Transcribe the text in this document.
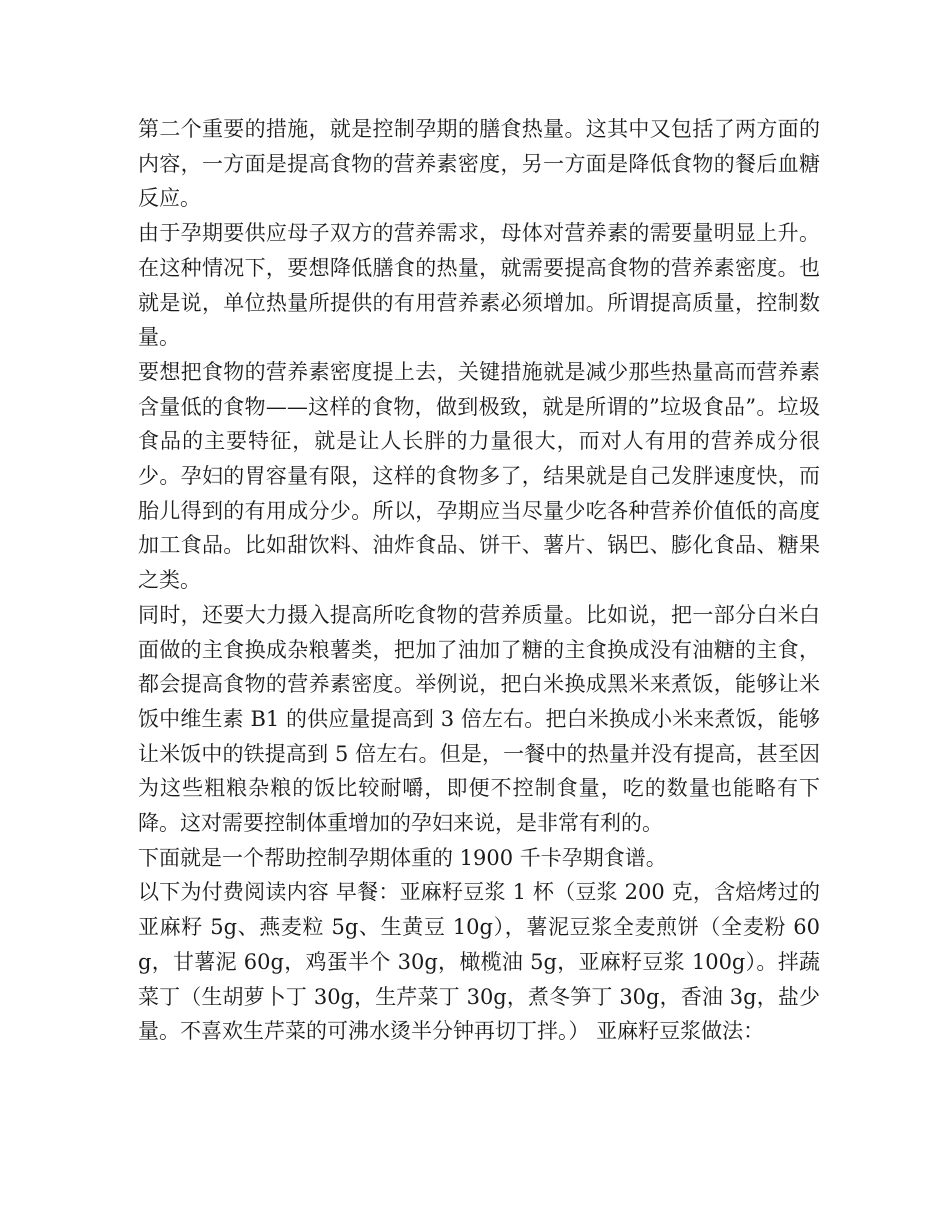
第二个重要的措施，就是控制孕期的膳食热量。这其中又包括了两方面的内容，一方面是提高食物的营养素密度，另一方面是降低食物的餐后血糖反应。

由于孕期要供应母子双方的营养需求，母体对营养素的需要量明显上升。在这种情况下，要想降低膳食的热量，就需要提高食物的营养素密度。也就是说，单位热量所提供的有用营养素必须增加。所谓提高质量，控制数量。

要想把食物的营养素密度提上去，关键措施就是减少那些热量高而营养素含量低的食物——这样的食物，做到极致，就是所谓的”垃圾食品”。垃圾食品的主要特征，就是让人长胖的力量很大，而对人有用的营养成分很少。孕妇的胃容量有限，这样的食物多了，结果就是自己发胖速度快，而胎儿得到的有用成分少。所以，孕期应当尽量少吃各种营养价值低的高度加工食品。比如甜饮料、油炸食品、饼干、薯片、锅巴、膨化食品、糖果之类。

同时，还要大力摄入提高所吃食物的营养质量。比如说，把一部分白米白面做的主食换成杂粮薯类，把加了油加了糖的主食换成没有油糖的主食，都会提高食物的营养素密度。举例说，把白米换成黑米来煮饭，能够让米饭中维生素 B1 的供应量提高到 3 倍左右。把白米换成小米来煮饭，能够让米饭中的铁提高到 5 倍左右。但是，一餐中的热量并没有提高，甚至因为这些粗粮杂粮的饭比较耐嚼，即便不控制食量，吃的数量也能略有下降。这对需要控制体重增加的孕妇来说，是非常有利的。

下面就是一个帮助控制孕期体重的 1900 千卡孕期食谱。

以下为付费阅读内容 早餐：亚麻籽豆浆 1 杯（豆浆 200 克，含焙烤过的亚麻籽 5g、燕麦粒 5g、生黄豆 10g），薯泥豆浆全麦煎饼（全麦粉 60g，甘薯泥 60g，鸡蛋半个 30g，橄榄油 5g，亚麻籽豆浆 100g）。拌蔬菜丁（生胡萝卜丁 30g，生芹菜丁 30g，煮冬笋丁 30g，香油 3g，盐少量。不喜欢生芹菜的可沸水烫半分钟再切丁拌。） 亚麻籽豆浆做法：
